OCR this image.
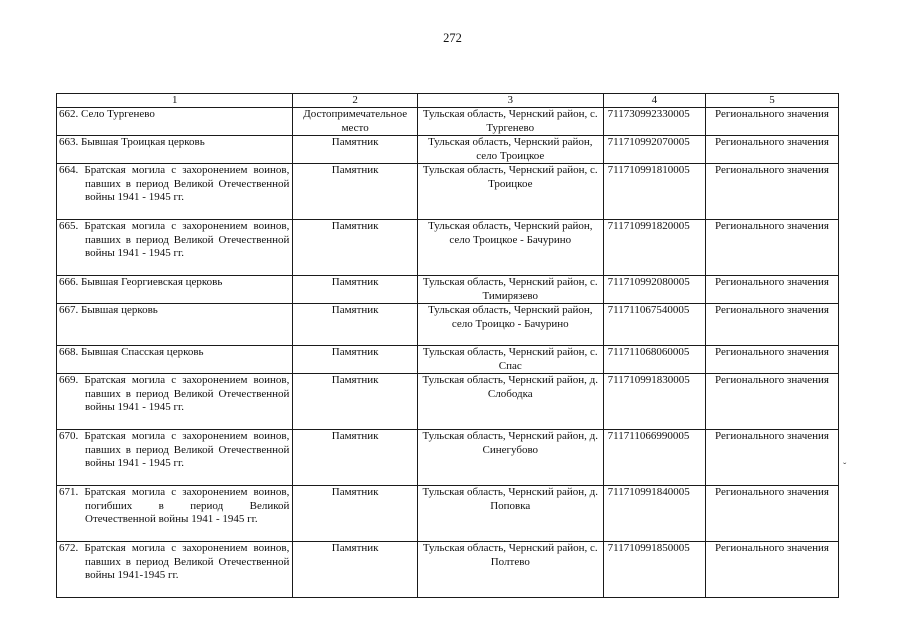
272
1	2	3	4	5
662. Село Тургенево	Достопримечательное место	Тульская область, Чернский район, с. Тургенево	711730992330005	Регионального значения
663. Бывшая Троицкая церковь	Памятник	Тульская область, Чернский район, село Троицкое	711710992070005	Регионального значения
664. Братская могила с захоронением воинов, павших в период Великой Отечественной войны 1941 - 1945 гг.	Памятник	Тульская область, Чернский район, с. Троицкое	711710991810005	Регионального значения
665. Братская могила с захоронением воинов, павших в период Великой Отечественной войны 1941 - 1945 гг.	Памятник	Тульская область, Чернский район, село Троицкое - Бачурино	711710991820005	Регионального значения
666. Бывшая Георгиевская церковь	Памятник	Тульская область, Чернский район, с. Тимирязево	711710992080005	Регионального значения
667. Бывшая церковь	Памятник	Тульская область, Чернский район, село Троицко - Бачурино	711711067540005	Регионального значения
668. Бывшая Спасская церковь	Памятник	Тульская область, Чернский район, с. Спас	711711068060005	Регионального значения
669. Братская могила с захоронением воинов, павших в период Великой Отечественной войны 1941 - 1945 гг.	Памятник	Тульская область, Чернский район, д. Слободка	711710991830005	Регионального значения
670. Братская могила с захоронением воинов, павших в период Великой Отечественной войны 1941 - 1945 гг.	Памятник	Тульская область, Чернский район, д. Синегубово	711711066990005	Регионального значения
671. Братская могила с захоронением воинов, погибших в период Великой Отечественной войны 1941 - 1945 гг.	Памятник	Тульская область, Чернский район, д. Поповка	711710991840005	Регионального значения
672. Братская могила с захоронением воинов, павших в период Великой Отечественной войны 1941-1945 гг.	Памятник	Тульская область, Чернский район, с. Полтево	711710991850005	Регионального значения
ˇ
